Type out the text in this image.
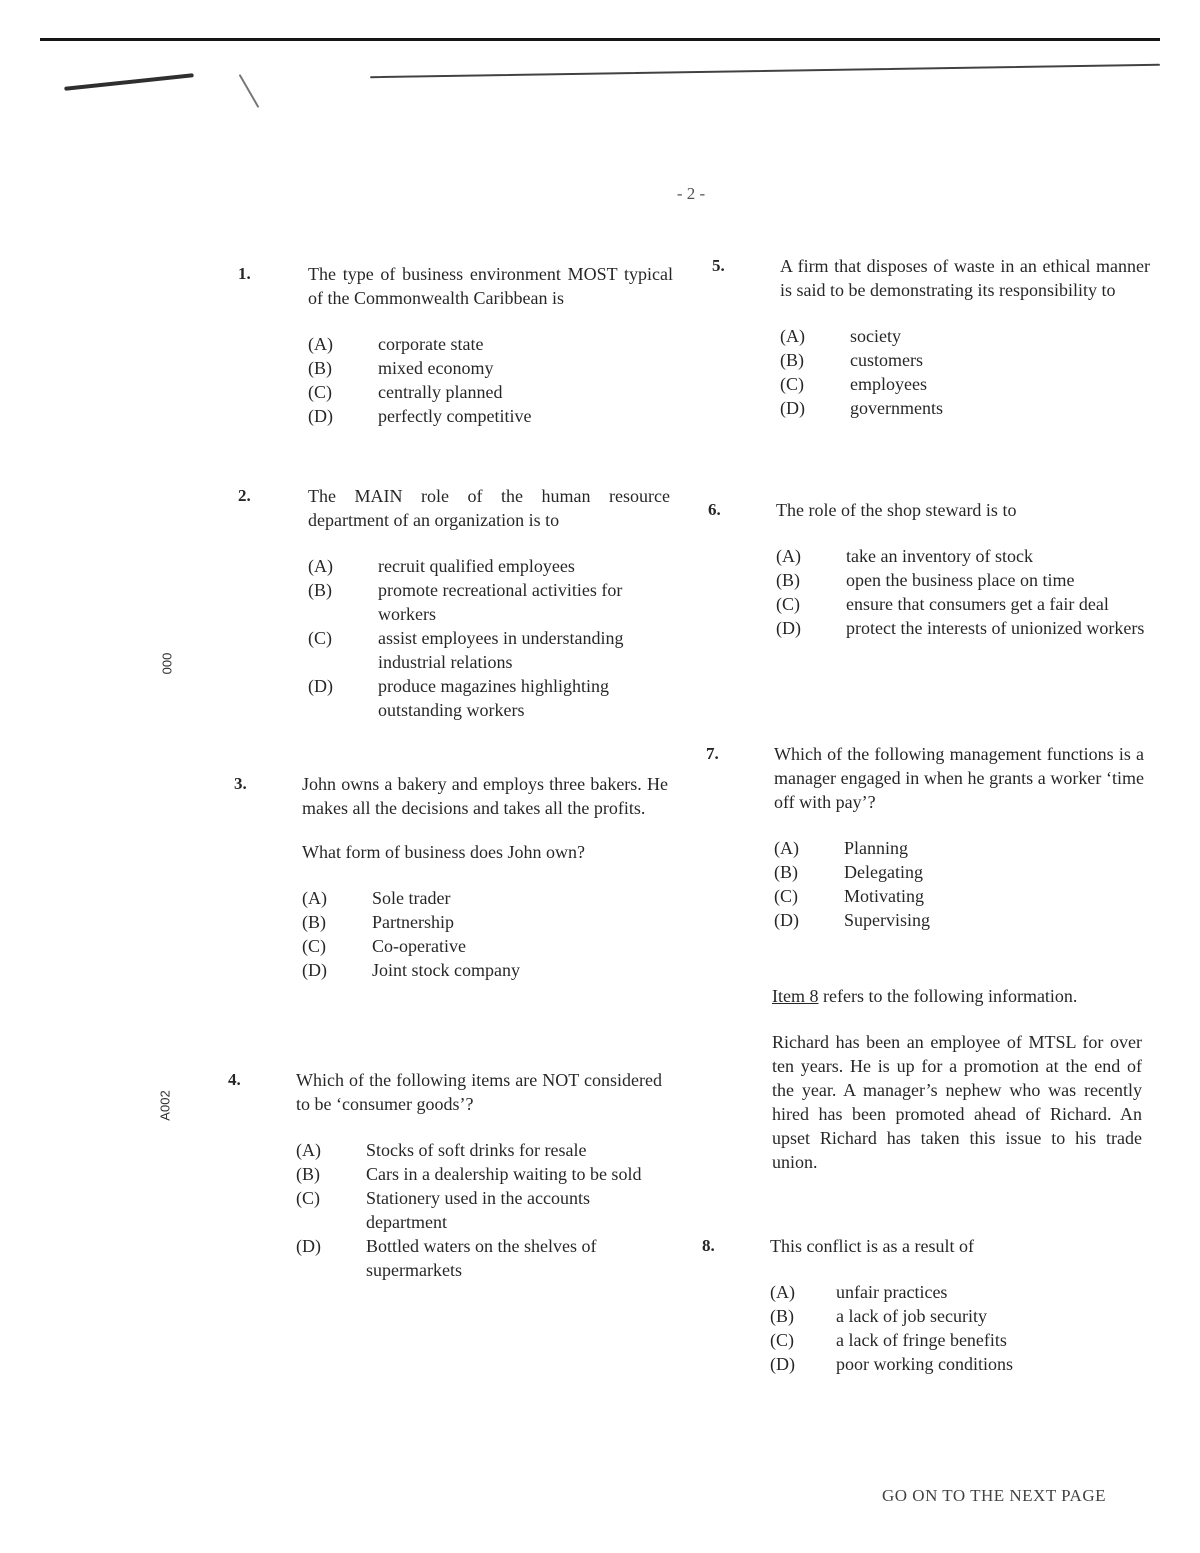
- 2 -
000
A002
1.	The type of business environment MOST typical of the Commonwealth Caribbean is

(A)	corporate state
(B)	mixed economy
(C)	centrally planned
(D)	perfectly competitive
2.	The MAIN role of the human resource department of an organization is to

(A)	recruit qualified employees
(B)	promote recreational activities for workers
(C)	assist employees in understanding industrial relations
(D)	produce magazines highlighting outstanding workers
3.	John owns a bakery and employs three bakers. He makes all the decisions and takes all the profits.

What form of business does John own?

(A)	Sole trader
(B)	Partnership
(C)	Co-operative
(D)	Joint stock company
4.	Which of the following items are NOT considered to be ‘consumer goods’?

(A)	Stocks of soft drinks for resale
(B)	Cars in a dealership waiting to be sold
(C)	Stationery used in the accounts department
(D)	Bottled waters on the shelves of supermarkets
5.	A firm that disposes of waste in an ethical manner is said to be demonstrating its responsibility to

(A)	society
(B)	customers
(C)	employees
(D)	governments
6.	The role of the shop steward is to

(A)	take an inventory of stock
(B)	open the business place on time
(C)	ensure that consumers get a fair deal
(D)	protect the interests of unionized workers
7.	Which of the following management functions is a manager engaged in when he grants a worker ‘time off with pay’?

(A)	Planning
(B)	Delegating
(C)	Motivating
(D)	Supervising
Item 8 refers to the following information.
Richard has been an employee of MTSL for over ten years. He is up for a promotion at the end of the year. A manager’s nephew who was recently hired has been promoted ahead of Richard. An upset Richard has taken this issue to his trade union.
8.	This conflict is as a result of

(A) unfair practices
(B) a lack of job security
(C) a lack of fringe benefits
(D) poor working conditions
GO ON TO THE NEXT PAGE
